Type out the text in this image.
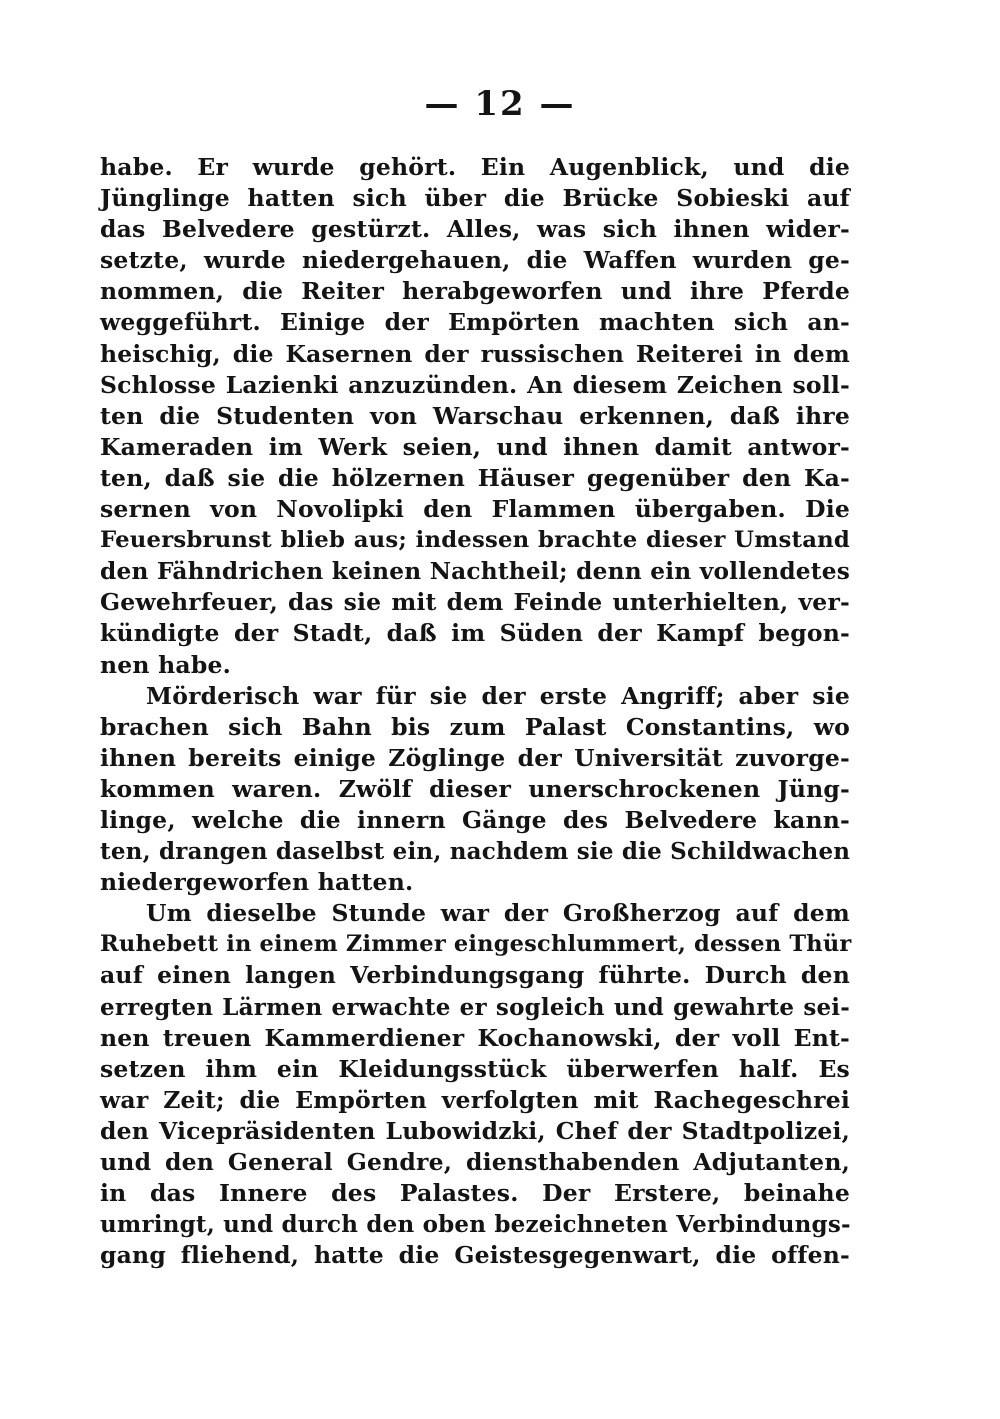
— 12 —
habe. Er wurde gehört. Ein Augenblick, und die
Jünglinge hatten sich über die Brücke Sobieski auf
das Belvedere gestürzt. Alles, was sich ihnen wider-
setzte, wurde niedergehauen, die Waffen wurden ge-
nommen, die Reiter herabgeworfen und ihre Pferde
weggeführt. Einige der Empörten machten sich an-
heischig, die Kasernen der russischen Reiterei in dem
Schlosse Lazienki anzuzünden. An diesem Zeichen soll-
ten die Studenten von Warschau erkennen, daß ihre
Kameraden im Werk seien, und ihnen damit antwor-
ten, daß sie die hölzernen Häuser gegenüber den Ka-
sernen von Novolipki den Flammen übergaben. Die
Feuersbrunst blieb aus; indessen brachte dieser Umstand
den Fähndrichen keinen Nachtheil; denn ein vollendetes
Gewehrfeuer, das sie mit dem Feinde unterhielten, ver-
kündigte der Stadt, daß im Süden der Kampf begon-
nen habe.
Mörderisch war für sie der erste Angriff; aber sie
brachen sich Bahn bis zum Palast Constantins, wo
ihnen bereits einige Zöglinge der Universität zuvorge-
kommen waren. Zwölf dieser unerschrockenen Jüng-
linge, welche die innern Gänge des Belvedere kann-
ten, drangen daselbst ein, nachdem sie die Schildwachen
niedergeworfen hatten.
Um dieselbe Stunde war der Großherzog auf dem
Ruhebett in einem Zimmer eingeschlummert, dessen Thür
auf einen langen Verbindungsgang führte. Durch den
erregten Lärmen erwachte er sogleich und gewahrte sei-
nen treuen Kammerdiener Kochanowski, der voll Ent-
setzen ihm ein Kleidungsstück überwerfen half. Es
war Zeit; die Empörten verfolgten mit Rachegeschrei
den Vicepräsidenten Lubowidzki, Chef der Stadtpolizei,
und den General Gendre, diensthabenden Adjutanten,
in das Innere des Palastes. Der Erstere, beinahe
umringt, und durch den oben bezeichneten Verbindungs-
gang fliehend, hatte die Geistesgegenwart, die offen-
